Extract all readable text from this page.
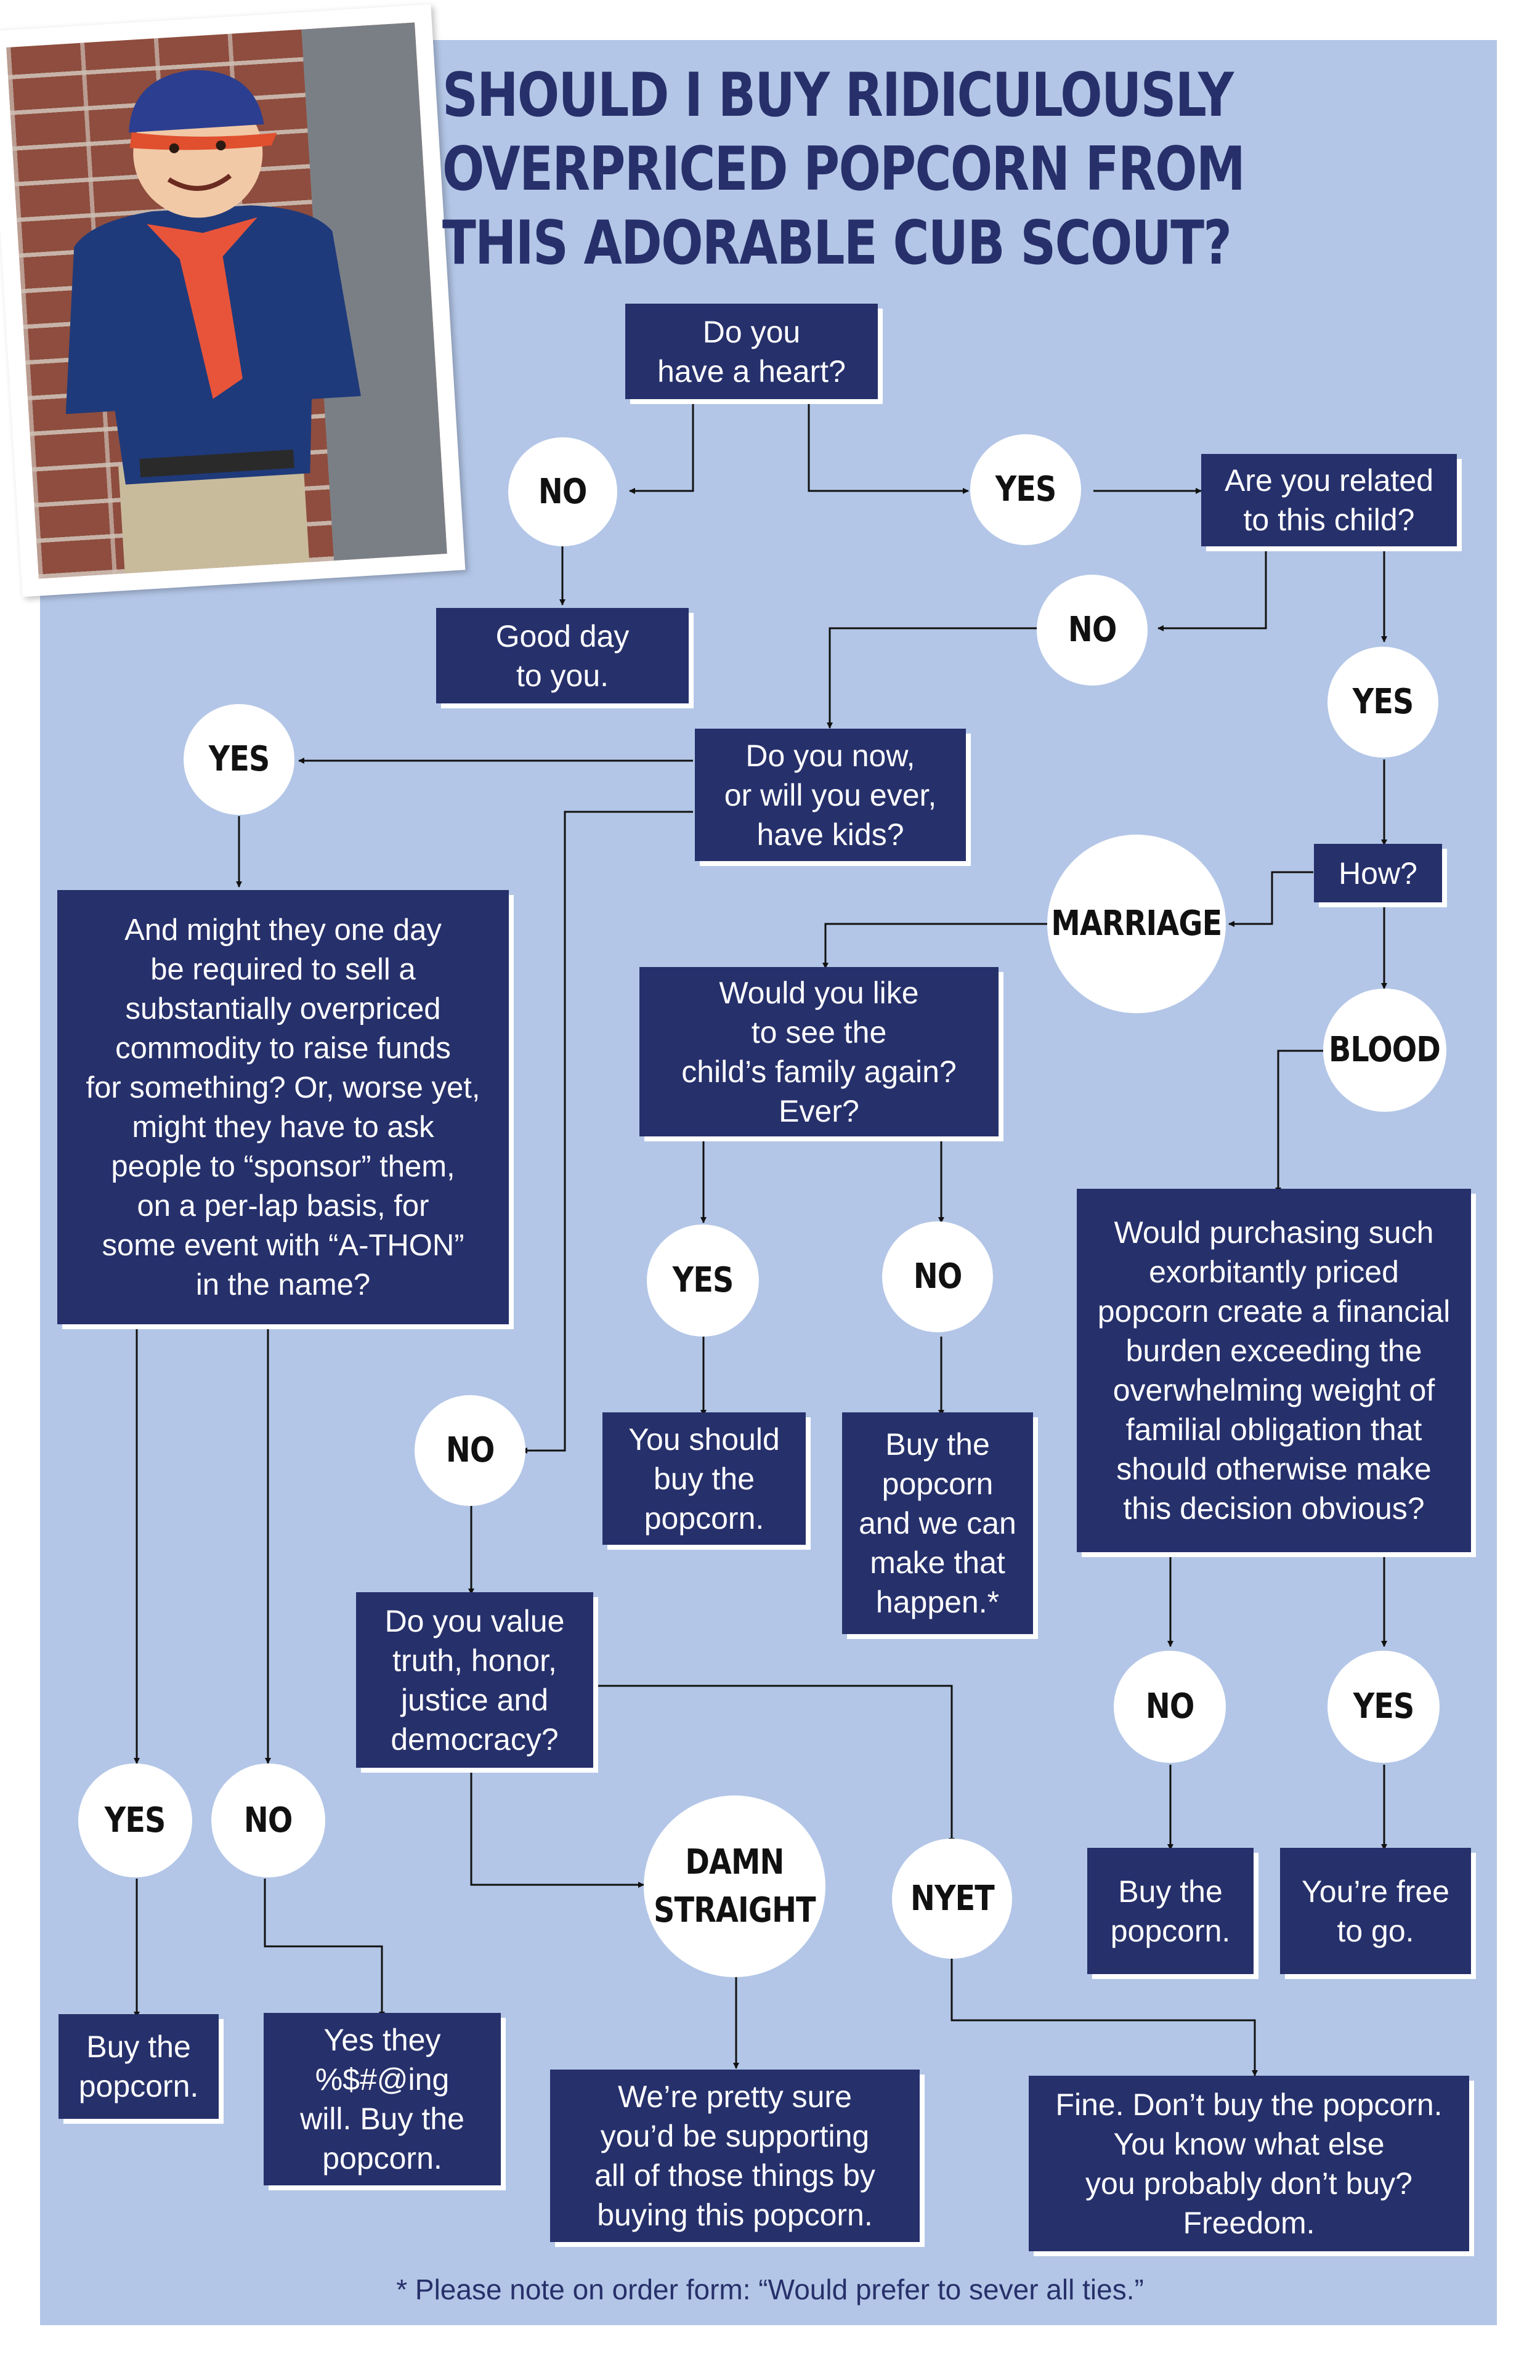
SHOULD I BUY RIDICULOUSLY
OVERPRICED POPCORN FROM
THIS ADORABLE CUB SCOUT?
Do you
have a heart?
Good day
to you.
Are you related
to this child?
Do you now,
or will you ever,
have kids?
How?
And might they one day
be required to sell a
substantially overpriced
commodity to raise funds
for something? Or, worse yet,
might they have to ask
people to “sponsor” them,
on a per-lap basis, for
some event with “A-THON”
in the name?
Would you like
to see the
child’s family again?
Ever?
Would purchasing such
exorbitantly priced
popcorn create a financial
burden exceeding the
overwhelming weight of
familial obligation that
should otherwise make
this decision obvious?
You should
buy the
popcorn.
Buy the
popcorn
and we can
make that
happen.*
Do you value
truth, honor,
justice and
democracy?
Buy the
popcorn.
You’re free
to go.
Buy the
popcorn.
Yes they
%$#@ing
will. Buy the
popcorn.
We’re pretty sure
you’d be supporting
all of those things by
buying this popcorn.
Fine. Don’t buy the popcorn.
You know what else
you probably don’t buy?
Freedom.
NO	YES
NO
YES
YES
MARRIAGE
BLOOD
YES	NO
NO
NO	YES
YES NO
DAMN
STRAIGHT	NYET
* Please note on order form: “Would prefer to sever all ties.”
